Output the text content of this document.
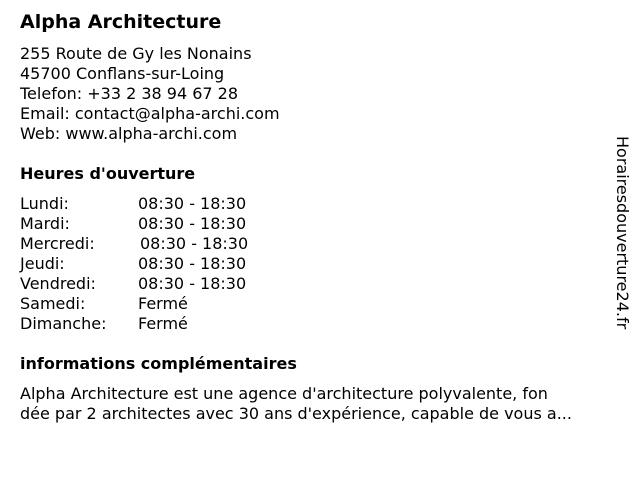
Alpha Architecture
255 Route de Gy les Nonains
45700 Conflans-sur-Loing
Telefon: +33 2 38 94 67 28
Email: contact@alpha-archi.com
Web: www.alpha-archi.com
Heures d'ouverture
Lundi:	08:30 - 18:30
Mardi:	08:30 - 18:30
Mercredi:	08:30 - 18:30
Jeudi:	08:30 - 18:30
Vendredi:	08:30 - 18:30
Samedi:	Fermé
Dimanche: Fermé
informations complémentaires
Alpha Architecture est une agence d'architecture polyvalente, fon
dée par 2 architectes avec 30 ans d'expérience, capable de vous a...
Horairesdouverture24.fr
